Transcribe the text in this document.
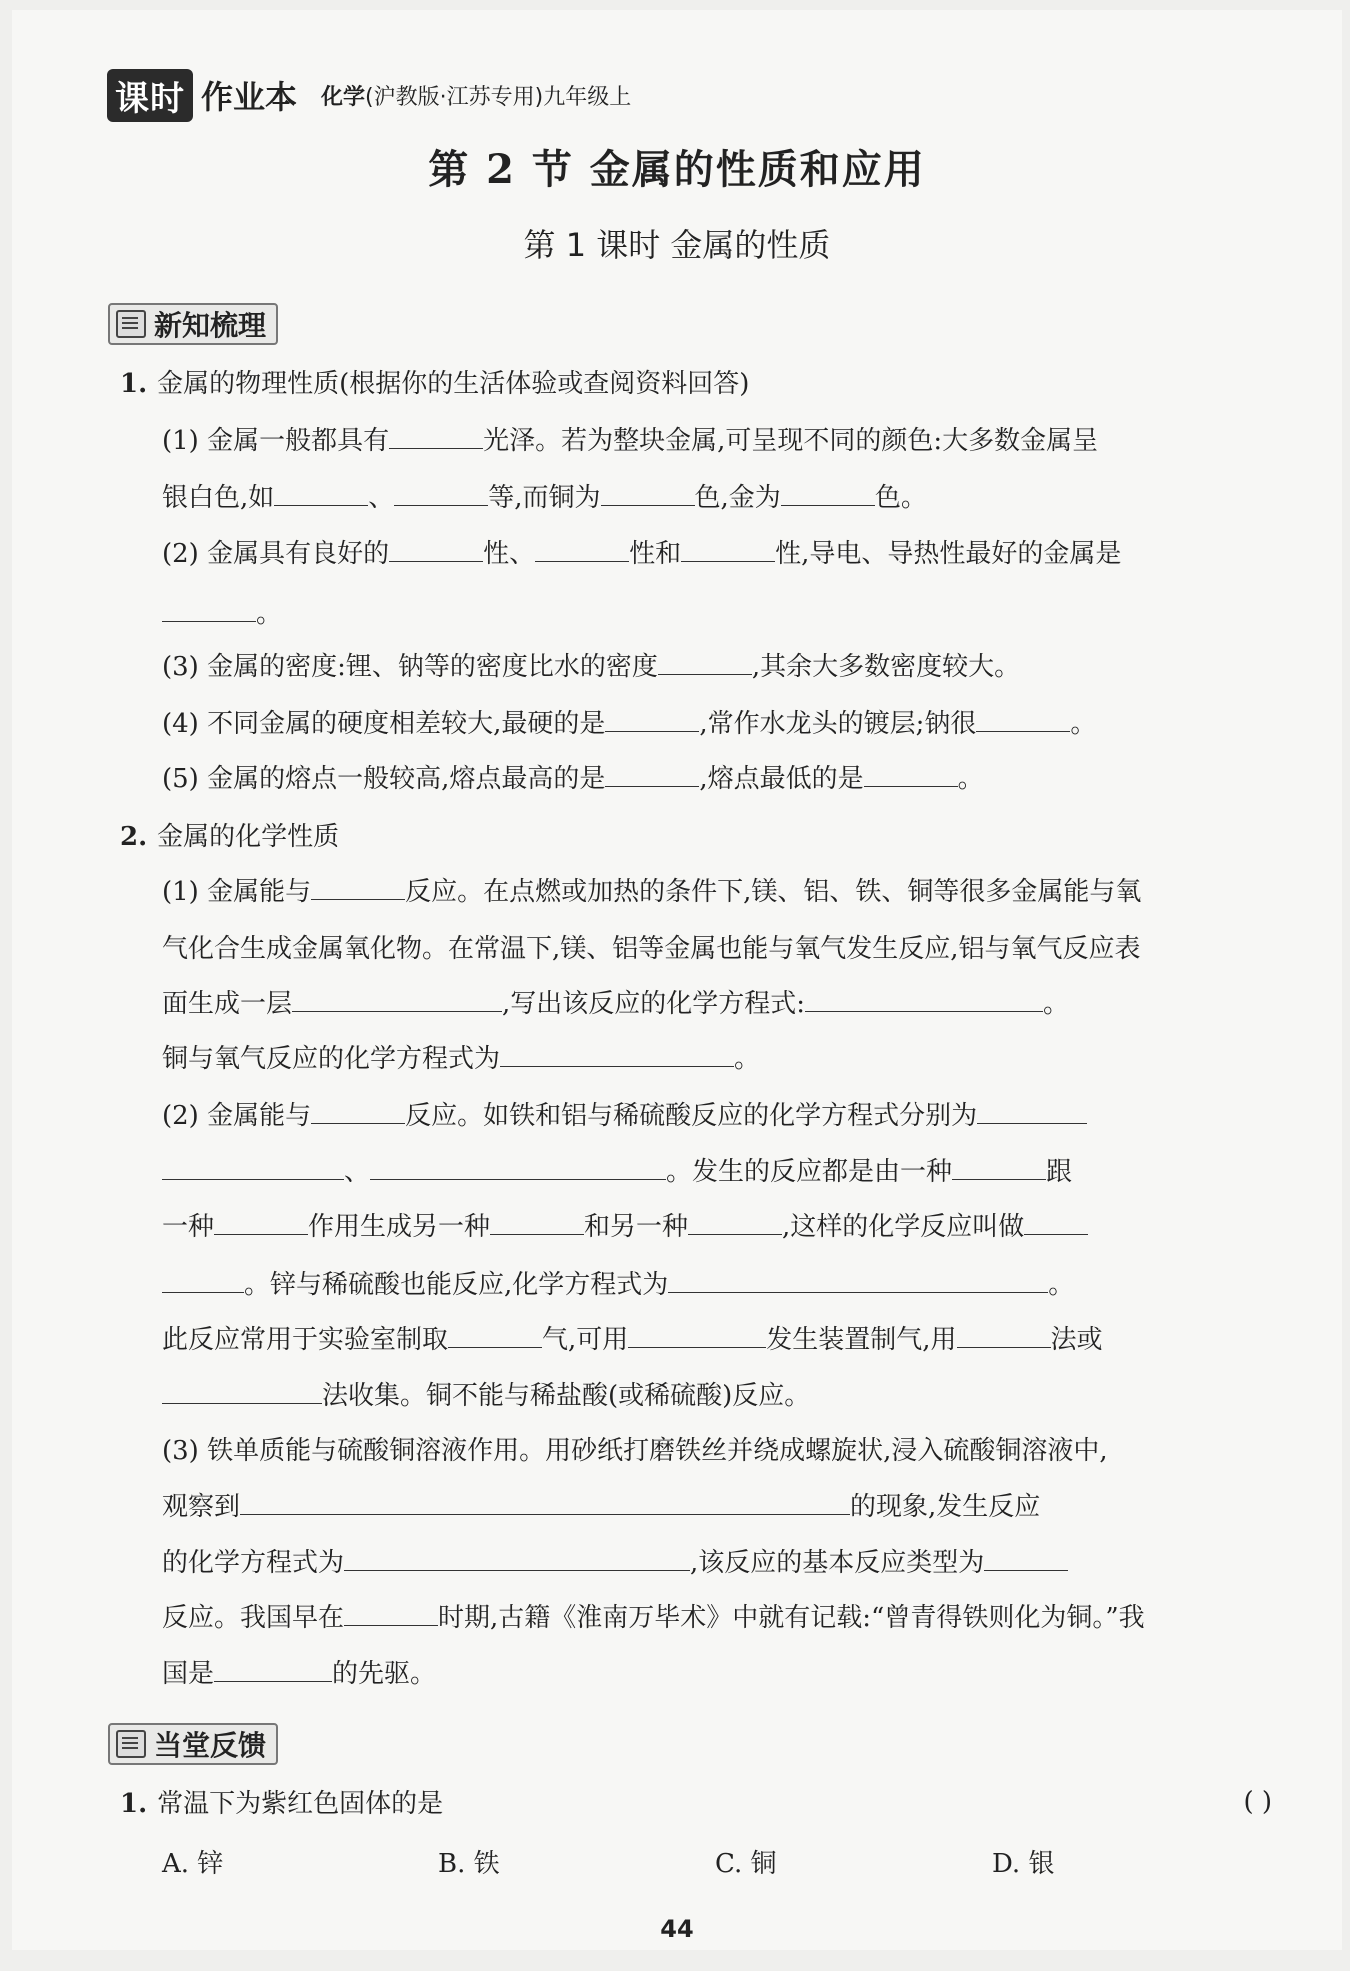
课时 作业本 化学(沪教版·江苏专用)九年级上
第 2 节 金属的性质和应用
第 1 课时 金属的性质
新知梳理
1. 金属的物理性质(根据你的生活体验或查阅资料回答)
(1) 金属一般都具有	光泽。若为整块金属,可呈现不同的颜色:大多数金属呈
银白色,如	、	等,而铜为	色,金为	色。
(2) 金属具有良好的	性、	性和	性,导电、导热性最好的金属是
。
(3) 金属的密度:锂、钠等的密度比水的密度	,其余大多数密度较大。
(4) 不同金属的硬度相差较大,最硬的是	,常作水龙头的镀层;钠很	。
(5) 金属的熔点一般较高,熔点最高的是	,熔点最低的是	。
2. 金属的化学性质
(1) 金属能与	反应。在点燃或加热的条件下,镁、铝、铁、铜等很多金属能与氧
气化合生成金属氧化物。在常温下,镁、铝等金属也能与氧气发生反应,铝与氧气反应表
面生成一层	,写出该反应的化学方程式:	。
铜与氧气反应的化学方程式为	。
(2) 金属能与	反应。如铁和铝与稀硫酸反应的化学方程式分别为
、	。发生的反应都是由一种	跟
一种	作用生成另一种	和另一种	,这样的化学反应叫做
。锌与稀硫酸也能反应,化学方程式为	。
此反应常用于实验室制取	气,可用	发生装置制气,用	法或
法收集。铜不能与稀盐酸(或稀硫酸)反应。
(3) 铁单质能与硫酸铜溶液作用。用砂纸打磨铁丝并绕成螺旋状,浸入硫酸铜溶液中,
观察到	的现象,发生反应
的化学方程式为	,该反应的基本反应类型为
反应。我国早在	时期,古籍《淮南万毕术》中就有记载:“曾青得铁则化为铜。”我
国是	的先驱。
当堂反馈
1. 常温下为紫红色固体的是	( )
A. 锌	B. 铁	C. 铜	D. 银
44
